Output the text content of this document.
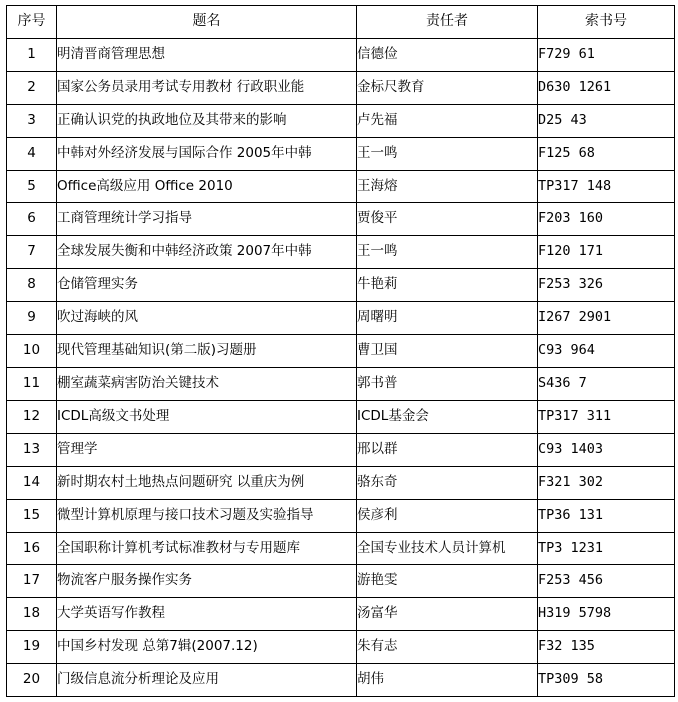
序号	题名	责任者	索书号
1	明清晋商管理思想	信德俭	F729 61
2	国家公务员录用考试专用教材 行政职业能	金标尺教育	D630 1261
3	正确认识党的执政地位及其带来的影响	卢先福	D25 43
4	中韩对外经济发展与国际合作 2005年中韩	王一鸣	F125 68
5	Office高级应用 Office 2010	王海熔	TP317 148
6	工商管理统计学习指导	贾俊平	F203 160
7	全球发展失衡和中韩经济政策 2007年中韩	王一鸣	F120 171
8	仓储管理实务	牛艳莉	F253 326
9	吹过海峡的风	周曙明	I267 2901
10	现代管理基础知识(第二版)习题册	曹卫国	C93 964
11	棚室蔬菜病害防治关键技术	郭书普	S436 7
12	ICDL高级文书处理	ICDL基金会	TP317 311
13	管理学	邢以群	C93 1403
14	新时期农村土地热点问题研究 以重庆为例	骆东奇	F321 302
15	微型计算机原理与接口技术习题及实验指导	侯彦利	TP36 131
16	全国职称计算机考试标准教材与专用题库	全国专业技术人员计算机	TP3 1231
17	物流客户服务操作实务	游艳雯	F253 456
18	大学英语写作教程	汤富华	H319 5798
19	中国乡村发现 总第7辑(2007.12)	朱有志	F32 135
20	门级信息流分析理论及应用	胡伟	TP309 58
